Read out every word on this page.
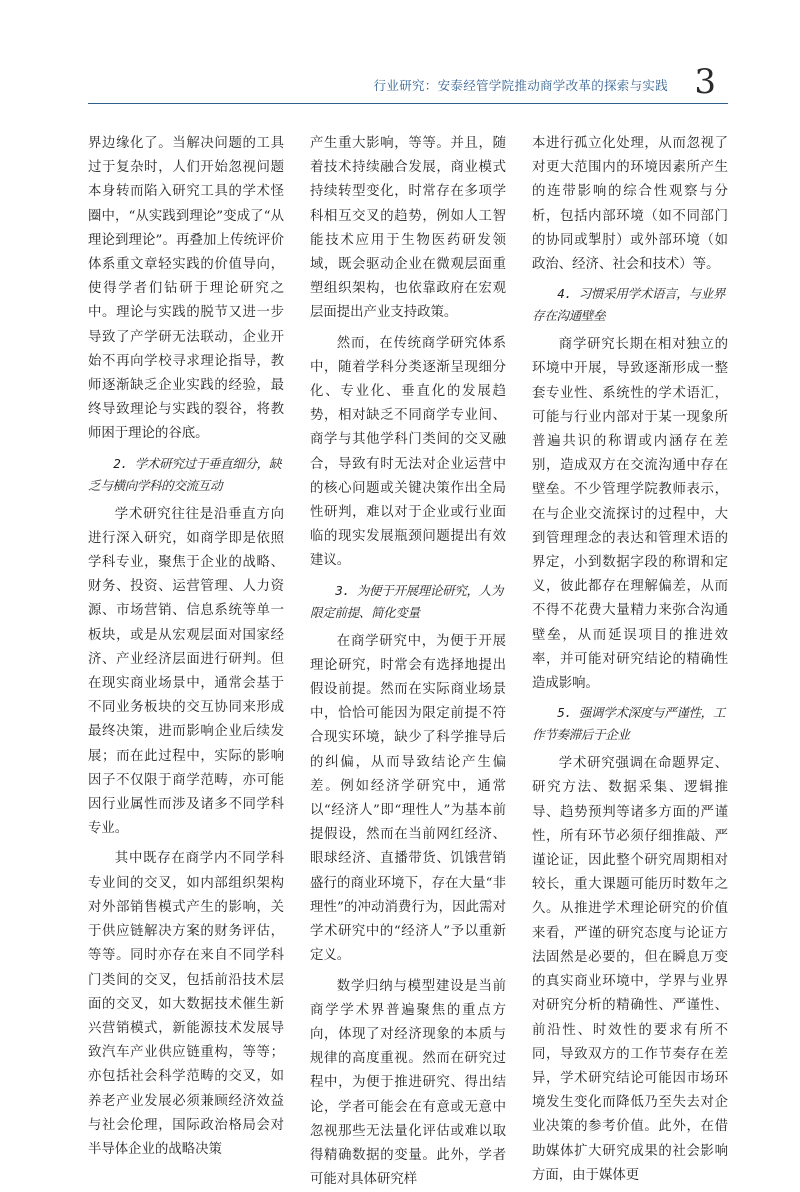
行业研究：安泰经管学院推动商学改革的探索与实践 3

界边缘化了。当解决问题的工具过于复杂时，人们开始忽视问题本身转而陷入研究工具的学术怪圈中，“从实践到理论”变成了“从理论到理论”。再叠加上传统评价体系重文章轻实践的价值导向，使得学者们钻研于理论研究之中。理论与实践的脱节又进一步导致了产学研无法联动，企业开始不再向学校寻求理论指导，教师逐渐缺乏企业实践的经验，最终导致理论与实践的裂谷，将教师困于理论的谷底。

2. 学术研究过于垂直细分，缺乏与横向学科的交流互动

学术研究往往是沿垂直方向进行深入研究，如商学即是依照学科专业，聚焦于企业的战略、财务、投资、运营管理、人力资源、市场营销、信息系统等单一板块，或是从宏观层面对国家经济、产业经济层面进行研判。但在现实商业场景中，通常会基于不同业务板块的交互协同来形成最终决策，进而影响企业后续发展；而在此过程中，实际的影响因子不仅限于商学范畴，亦可能因行业属性而涉及诸多不同学科专业。

其中既存在商学内不同学科专业间的交叉，如内部组织架构对外部销售模式产生的影响，关于供应链解决方案的财务评估，等等。同时亦存在来自不同学科门类间的交叉，包括前沿技术层面的交叉，如大数据技术催生新兴营销模式，新能源技术发展导致汽车产业供应链重构，等等；亦包括社会科学范畴的交叉，如养老产业发展必须兼顾经济效益与社会伦理，国际政治格局会对半导体企业的战略决策

产生重大影响，等等。并且，随着技术持续融合发展，商业模式持续转型变化，时常存在多项学科相互交叉的趋势，例如人工智能技术应用于生物医药研发领域，既会驱动企业在微观层面重塑组织架构，也依靠政府在宏观层面提出产业支持政策。

然而，在传统商学研究体系中，随着学科分类逐渐呈现细分化、专业化、垂直化的发展趋势，相对缺乏不同商学专业间、商学与其他学科门类间的交叉融合，导致有时无法对企业运营中的核心问题或关键决策作出全局性研判，难以对于企业或行业面临的现实发展瓶颈问题提出有效建议。

3. 为便于开展理论研究，人为限定前提、简化变量

在商学研究中，为便于开展理论研究，时常会有选择地提出假设前提。然而在实际商业场景中，恰恰可能因为限定前提不符合现实环境，缺少了科学推导后的纠偏，从而导致结论产生偏差。例如经济学研究中，通常以“经济人”即“理性人”为基本前提假设，然而在当前网红经济、眼球经济、直播带货、饥饿营销盛行的商业环境下，存在大量“非理性”的冲动消费行为，因此需对学术研究中的“经济人”予以重新定义。

数学归纳与模型建设是当前商学学术界普遍聚焦的重点方向，体现了对经济现象的本质与规律的高度重视。然而在研究过程中，为便于推进研究、得出结论，学者可能会在有意或无意中忽视那些无法量化评估或难以取得精确数据的变量。此外，学者可能对具体研究样

本进行孤立化处理，从而忽视了对更大范围内的环境因素所产生的连带影响的综合性观察与分析，包括内部环境（如不同部门的协同或掣肘）或外部环境（如政治、经济、社会和技术）等。

4. 习惯采用学术语言，与业界存在沟通壁垒

商学研究长期在相对独立的环境中开展，导致逐渐形成一整套专业性、系统性的学术语汇，可能与行业内部对于某一现象所普遍共识的称谓或内涵存在差别，造成双方在交流沟通中存在壁垒。不少管理学院教师表示，在与企业交流探讨的过程中，大到管理理念的表达和管理术语的界定，小到数据字段的称谓和定义，彼此都存在理解偏差，从而不得不花费大量精力来弥合沟通壁垒，从而延误项目的推进效率，并可能对研究结论的精确性造成影响。

5. 强调学术深度与严谨性，工作节奏滞后于企业

学术研究强调在命题界定、研究方法、数据采集、逻辑推导、趋势预判等诸多方面的严谨性，所有环节必须仔细推敲、严谨论证，因此整个研究周期相对较长，重大课题可能历时数年之久。从推进学术理论研究的价值来看，严谨的研究态度与论证方法固然是必要的，但在瞬息万变的真实商业环境中，学界与业界对研究分析的精确性、严谨性、前沿性、时效性的要求有所不同，导致双方的工作节奏存在差异，学术研究结论可能因市场环境发生变化而降低乃至失去对企业决策的参考价值。此外，在借助媒体扩大研究成果的社会影响方面，由于媒体更
